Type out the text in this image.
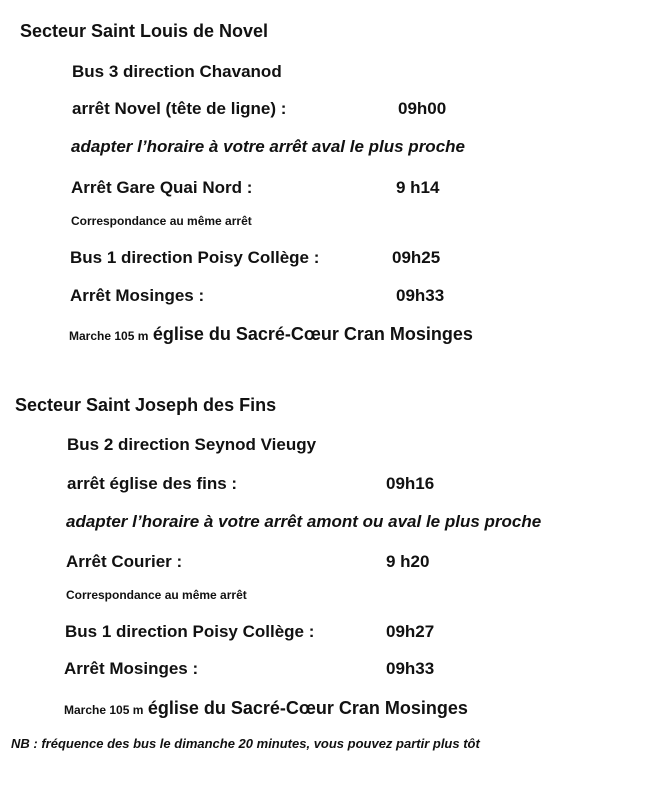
Secteur Saint Louis de Novel
Bus 3 direction Chavanod
arrêt Novel (tête de ligne) :	09h00
adapter l’horaire à votre arrêt aval le plus proche
Arrêt Gare Quai Nord :	9 h14
Correspondance au même arrêt
Bus 1 direction Poisy Collège :	09h25
Arrêt Mosinges :	09h33
Marche 105 m église du Sacré-Cœur Cran Mosinges
Secteur Saint Joseph des Fins
Bus 2 direction Seynod Vieugy
arrêt église des fins :	09h16
adapter l’horaire à votre arrêt amont ou aval le plus proche
Arrêt Courier :	9 h20
Correspondance au même arrêt
Bus 1 direction Poisy Collège :	09h27
Arrêt Mosinges :	09h33
Marche 105 m église du Sacré-Cœur Cran Mosinges
NB : fréquence des bus le dimanche 20 minutes, vous pouvez partir plus tôt
